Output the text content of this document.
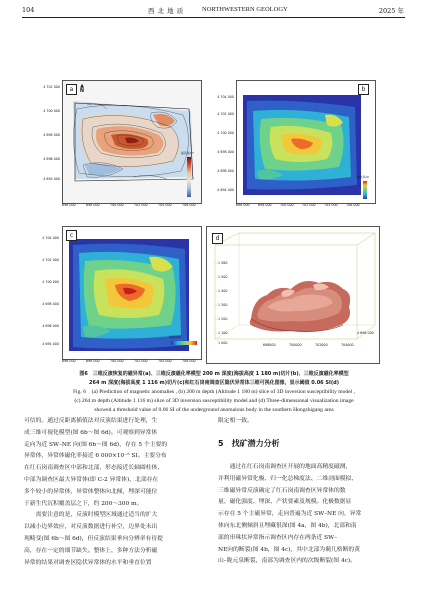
104	西 北 地 质	NORTHWESTERN GEOLOGY	2025 年
4 702 000
4 700 000
4 698 000
4 696 000
4 694 000
a	▲
N
磁异常/nT
696 000	698 000	700 000	702 000	704 000	706 000
4 704 000
4 702 000
4 700 000
4 698 000
4 696 000
4 694 000
b
磁化率/SI
696 000	698 000	700 000	702 000	704 000	706 000
4 704 000
4 702 000
4 700 000
4 698 000
4 696 000
4 694 000
c
磁化率/SI
696 000	698 000	700 000	702 000	704 000	706 000
d
1 580
1 500
1 400
1 300
1 200
1 100
1 000	698000	700000	702000	704000
4 696 000
图6　三维反演恢复的磁异常(a)、三维反演磁化率模型 200 m 深度(海拔高度 1 180 m)切片(b)、三维反演磁化率模型
264 m 深度(海拔高度 1 116 m)切片(c)和红石岗南调查区隐伏异常体三维可视化图像，显示阈值 0.06 SI(d)
Fig. 6　(a) Prediction of magnetic anomalies , (b) 200 m depth (Altitude 1 180 m) slice of 3D inversion susceptibility model ,
(c) 264 m depth (Altitude 1 116 m) slice of 3D inversion susceptibility model and (d) Three-dimensional visualization image
showed a threshold value of 0.06 SI of the underground anomalous body in the southern Hongshigang area
可信的。通过反距离插值法对反演结果进行处理，生
成三维可视化模型(图 6b～图 6d)。可观察到异常体
走向为近 SW–NE 向(图 6b～图 6d)，存在 5 个主要的
异常体，异常体磁化率接近 6 000×10⁻⁵ SI。主要分布
在红石岗南调查区中部和北部，形态接近长轴圆柱体，
中部为调查区最大异常体(即 C-2 异常体)，北部存在
多个较小的异常体，异常体整体向北倾，埋深可能位
于新生代沉积覆盖层之下，约 200～300 m。
　　需要注意的是，反演时模型区域通过适当的扩大
以减小边界效应，对反演数据进行补空，边界处未出
现畸变(图 6b～图 6d)，但反演结果垂向分辨率有待提
高，存在一定的细节缺失。整体上，多种方法分析磁
异常的结果对调查区隐伏异常体的水平和垂直位置
限定相一致。
5　找矿潜力分析
　　通过在红石岗南调查区开展的地面高精度磁测，
并利用磁异常化极、归一化总梯度法、二维剖面模拟、
三维磁异常反演确定了红石岗南调查区异常体的数
量、磁化强度、埋深、产状要素及规模。化极数据显
示存在 5 个主磁异常，走向普遍为近 SW–NE 向，异常
体向东北侧倾斜且埋藏很深(图 4a，图 4b)，北部和南
部的串珠状异常指示调查区内存在两条近 SW–
NE向的断裂(图 4b，图 4c)，其中北部为蔺儿格断的黄
山–陇元泉断裂，南部为调查区内的次级断裂(图 4c)。
